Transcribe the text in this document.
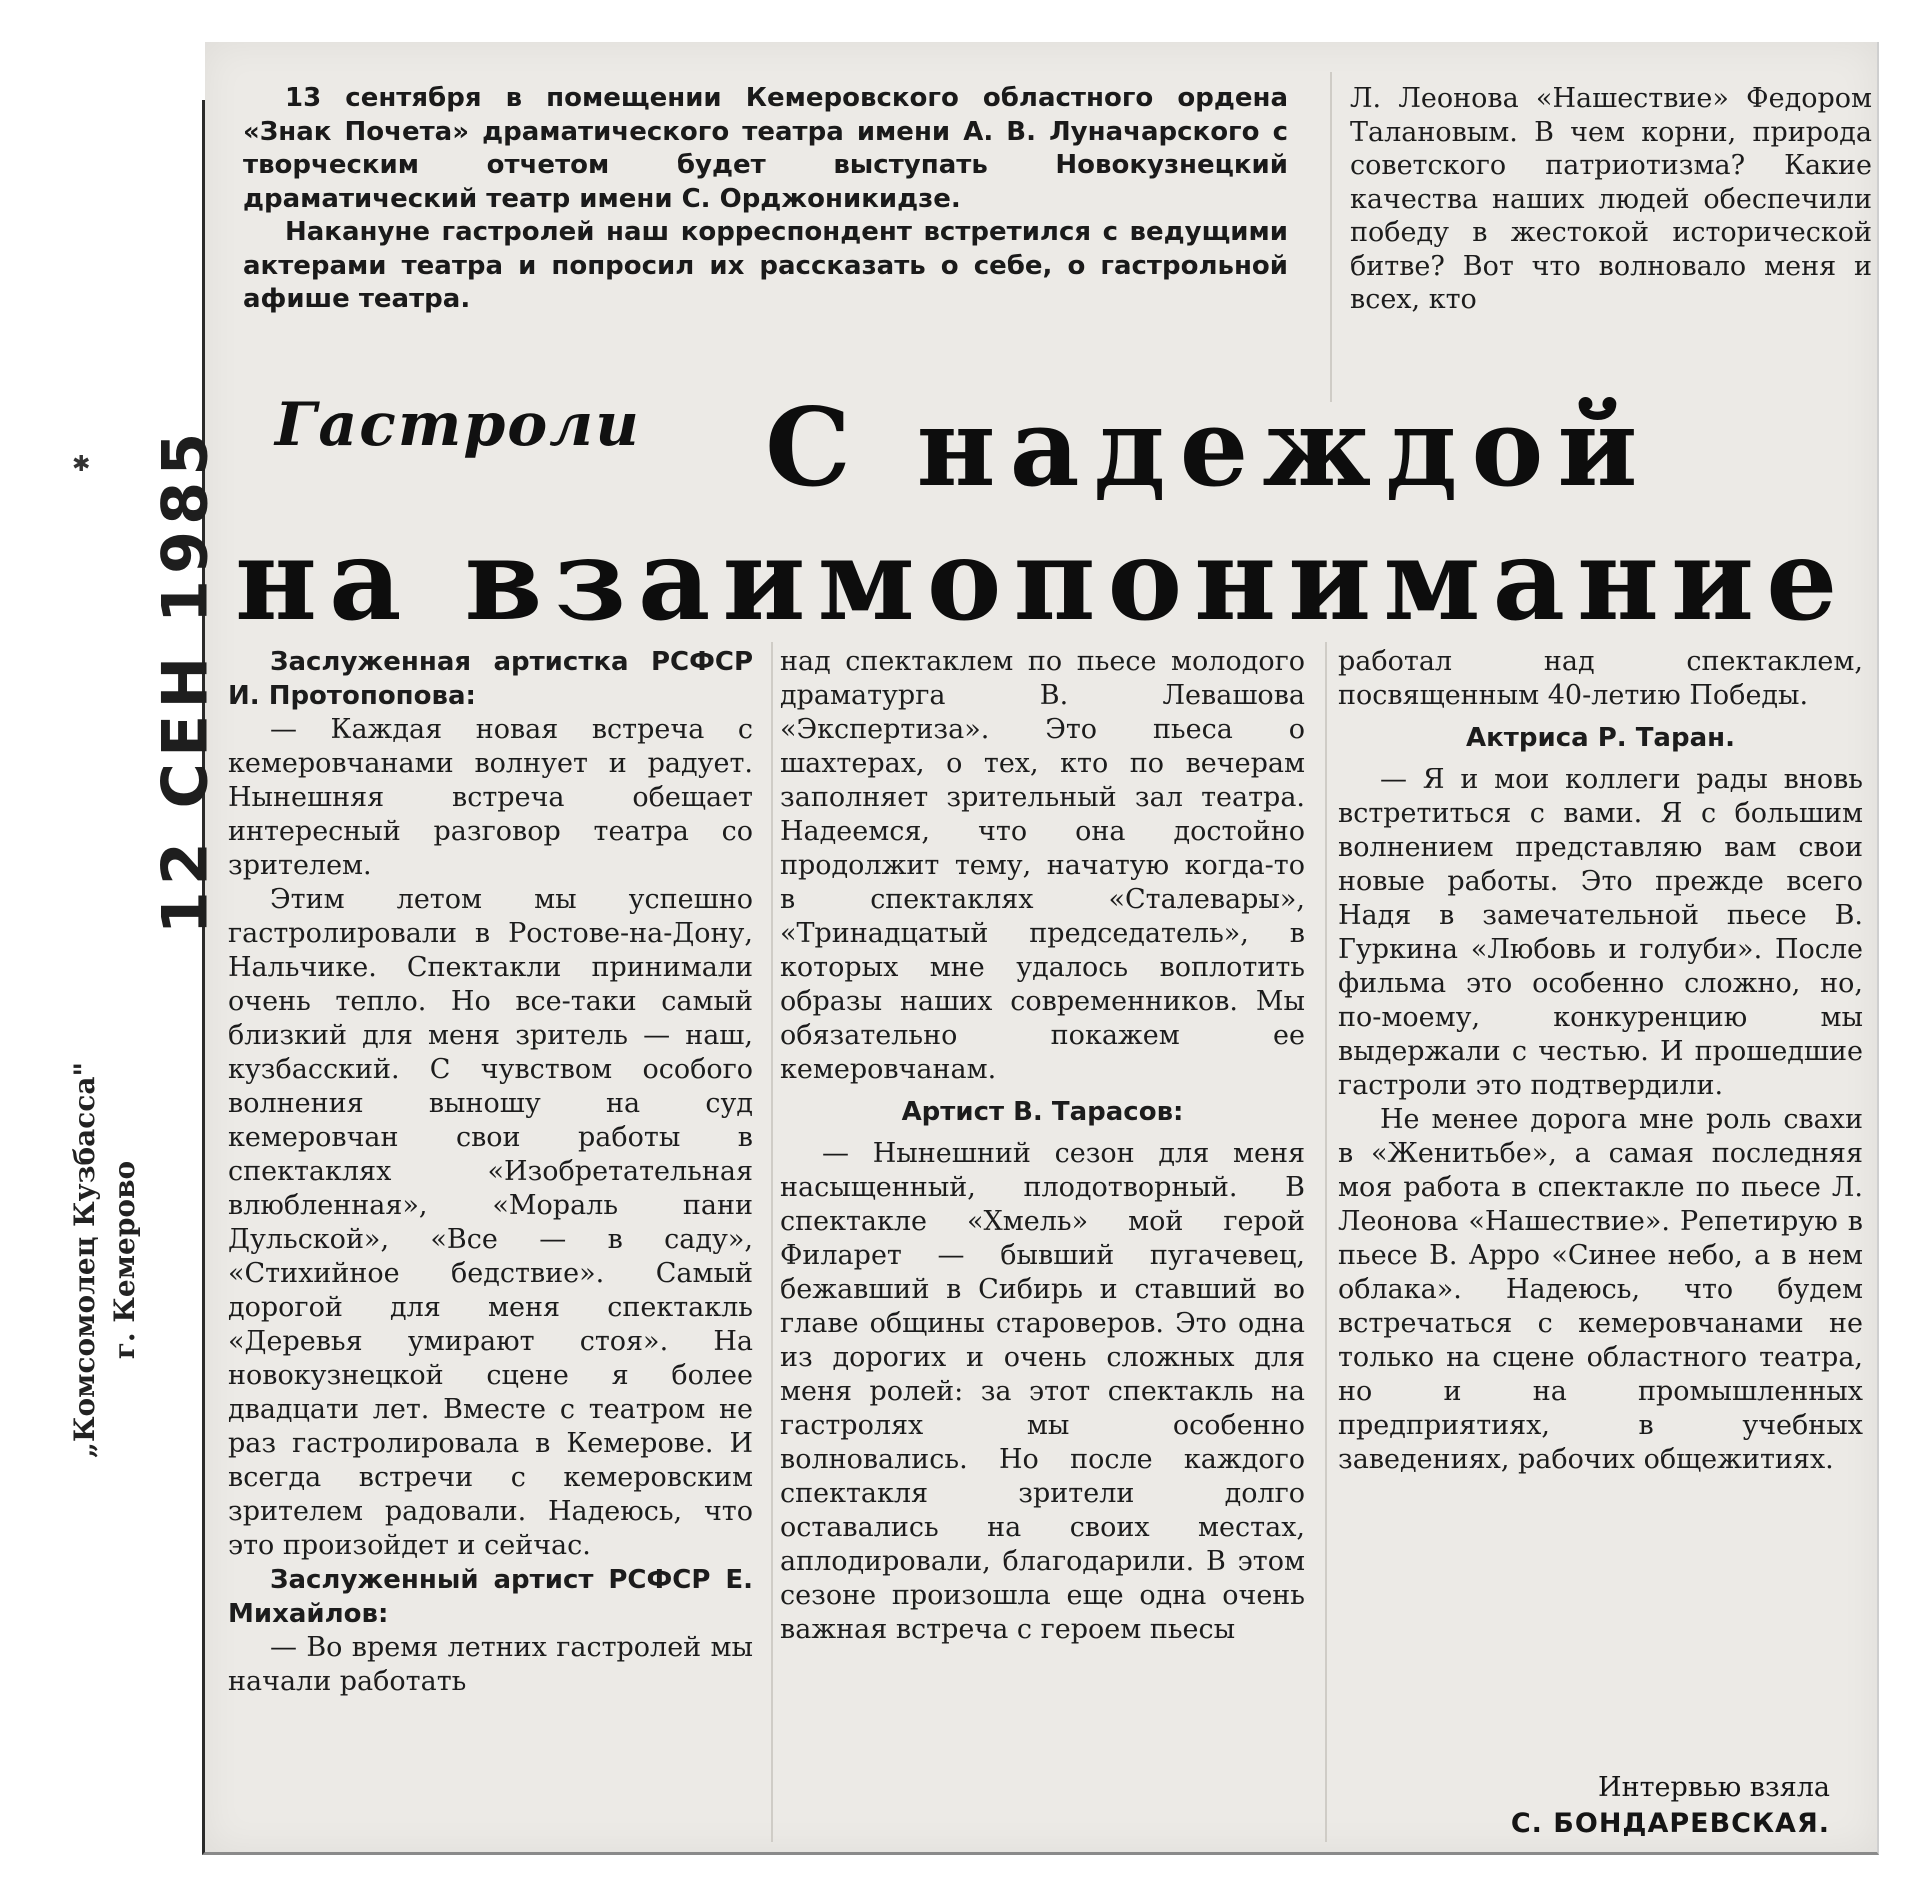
✱ 12 СЕН 1985
„Комсомолец Кузбасса" г. Кемерово

13 сентября в помещении Кемеровского областного ордена «Знак Почета» драматического театра имени А. В. Луначарского с творческим отчетом будет выступать Новокузнецкий драматический театр имени С. Орджоникидзе.

Накануне гастролей наш корреспондент встретился с ведущими актерами театра и попросил их рассказать о себе, о гастрольной афише театра.

Л. Леонова «Нашествие» Федором Талановым. В чем корни, природа советского патриотизма? Какие качества наших людей обеспечили победу в жестокой исторической битве? Вот что волновало меня и всех, кто

Гастроли С надеждой
на взаимопонимание

Заслуженная артистка РСФСР И. Протопопова:

— Каждая новая встреча с кемеровчанами волнует и радует. Нынешняя встреча обещает интересный разговор театра со зрителем.

Этим летом мы успешно гастролировали в Ростове-на-Дону, Нальчике. Спектакли принимали очень тепло. Но все-таки самый близкий для меня зритель — наш, кузбасский. С чувством особого волнения выношу на суд кемеровчан свои работы в спектаклях «Изобретательная влюбленная», «Мораль пани Дульской», «Все — в саду», «Стихийное бедствие». Самый дорогой для меня спектакль «Деревья умирают стоя». На новокузнецкой сцене я более двадцати лет. Вместе с театром не раз гастролировала в Кемерове. И всегда встречи с кемеровским зрителем радовали. Надеюсь, что это произойдет и сейчас.

Заслуженный артист РСФСР Е. Михайлов:

— Во время летних гастролей мы начали работать

над спектаклем по пьесе молодого драматурга В. Левашова «Экспертиза». Это пьеса о шахтерах, о тех, кто по вечерам заполняет зрительный зал театра. Надеемся, что она достойно продолжит тему, начатую когда-то в спектаклях «Сталевары», «Тринадцатый председатель», в которых мне удалось воплотить образы наших современников. Мы обязательно покажем ее кемеровчанам.

Артист В. Тарасов:

— Нынешний сезон для меня насыщенный, плодотворный. В спектакле «Хмель» мой герой Филарет — бывший пугачевец, бежавший в Сибирь и ставший во главе общины староверов. Это одна из дорогих и очень сложных для меня ролей: за этот спектакль на гастролях мы особенно волновались. Но после каждого спектакля зрители долго оставались на своих местах, аплодировали, благодарили. В этом сезоне произошла еще одна очень важная встреча с героем пьесы

работал над спектаклем, посвященным 40-летию Победы.

Актриса Р. Таран.

— Я и мои коллеги рады вновь встретиться с вами. Я с большим волнением представляю вам свои новые работы. Это прежде всего Надя в замечательной пьесе В. Гуркина «Любовь и голуби». После фильма это особенно сложно, но, по-моему, конкуренцию мы выдержали с честью. И прошедшие гастроли это подтвердили.

Не менее дорога мне роль свахи в «Женитьбе», а самая последняя моя работа в спектакле по пьесе Л. Леонова «Нашествие». Репетирую в пьесе В. Арро «Синее небо, а в нем облака». Надеюсь, что будем встречаться с кемеровчанами не только на сцене областного театра, но и на промышленных предприятиях, в учебных заведениях, рабочих общежитиях.

Интервью взяла
С. БОНДАРЕВСКАЯ.
